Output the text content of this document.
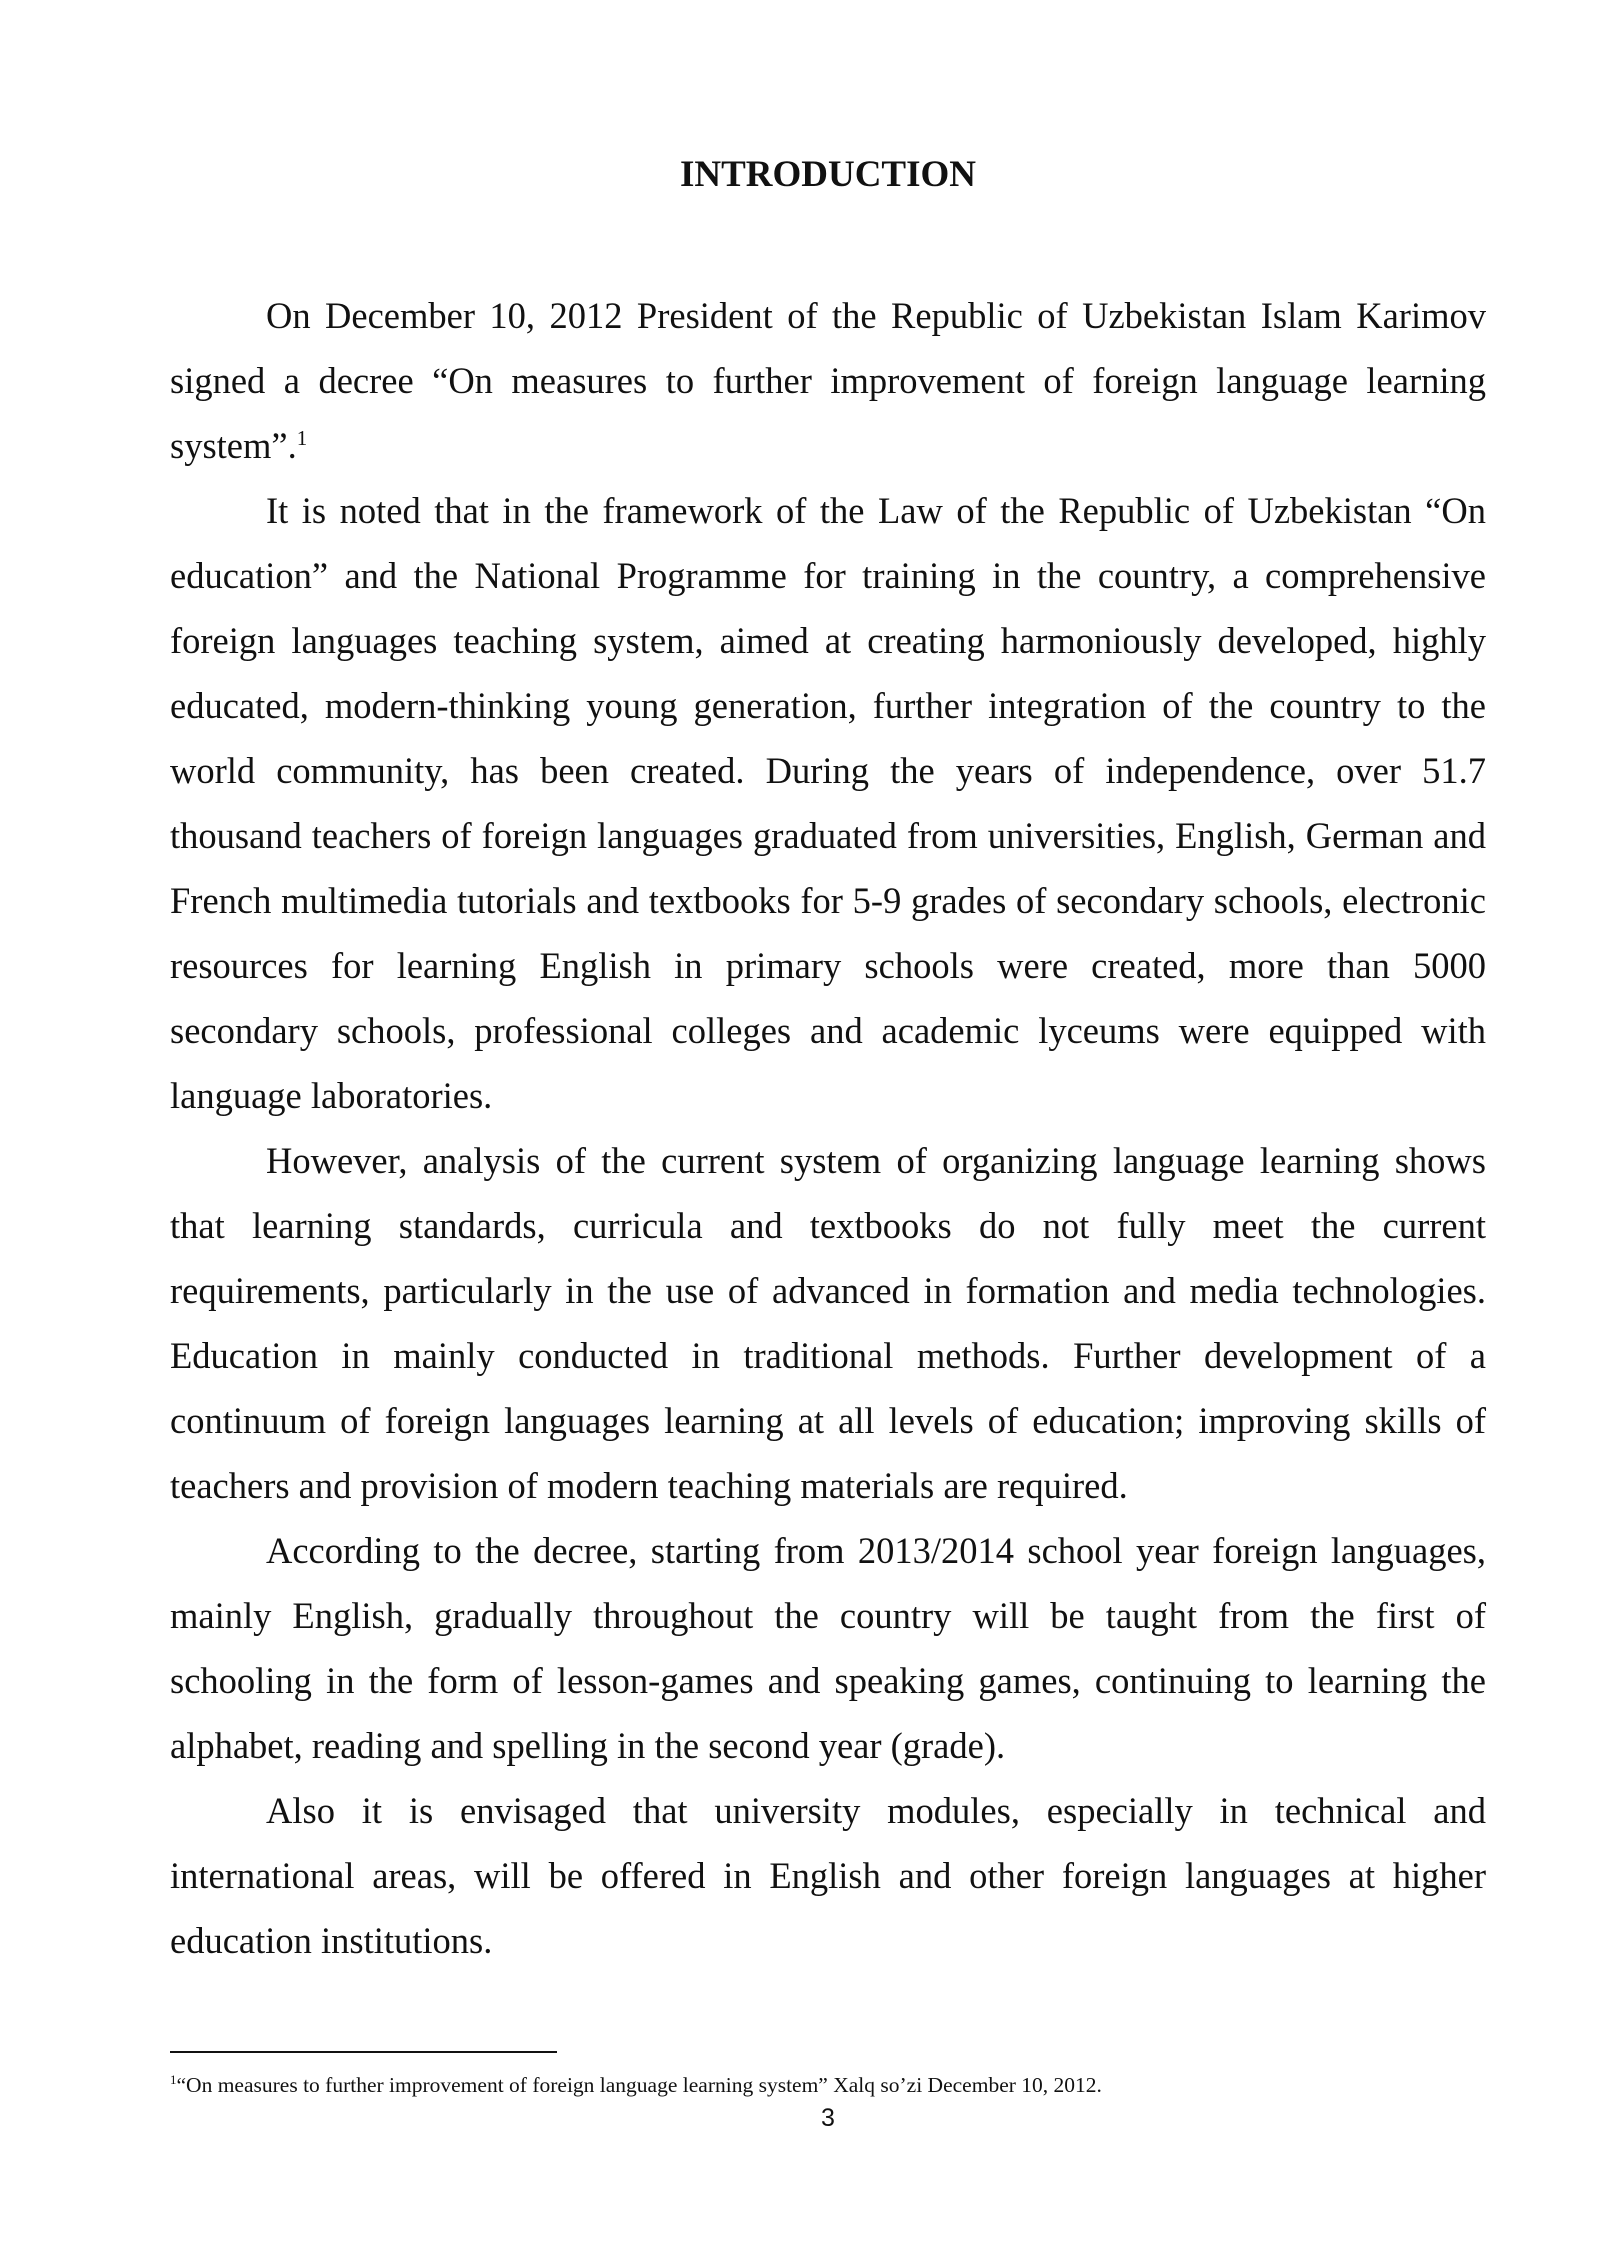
INTRODUCTION

On December 10, 2012 President of the Republic of Uzbekistan Islam Karimov signed a decree “On measures to further improvement of foreign language learning system”.$^1$

It is noted that in the framework of the Law of the Republic of Uzbekistan “On education” and the National Programme for training in the country, a comprehensive foreign languages teaching system, aimed at creating harmoniously developed, highly educated, modern-thinking young generation, further integration of the country to the world community, has been created. During the years of independence, over 51.7 thousand teachers of foreign languages graduated from universities, English, German and French multimedia tutorials and textbooks for 5-9 grades of secondary schools, electronic resources for learning English in primary schools were created, more than 5000 secondary schools, professional colleges and academic lyceums were equipped with language laboratories.

However, analysis of the current system of organizing language learning shows that learning standards, curricula and textbooks do not fully meet the current requirements, particularly in the use of advanced in formation and media technologies. Education in mainly conducted in traditional methods. Further development of a continuum of foreign languages learning at all levels of education; improving skills of teachers and provision of modern teaching materials are required.

According to the decree, starting from 2013/2014 school year foreign languages, mainly English, gradually throughout the country will be taught from the first of schooling in the form of lesson-games and speaking games, continuing to learning the alphabet, reading and spelling in the second year (grade).

Also it is envisaged that university modules, especially in technical and international areas, will be offered in English and other foreign languages at higher education institutions.

$^1$“On measures to further improvement of foreign language learning system” Xalq so’zi December 10, 2012.

3
